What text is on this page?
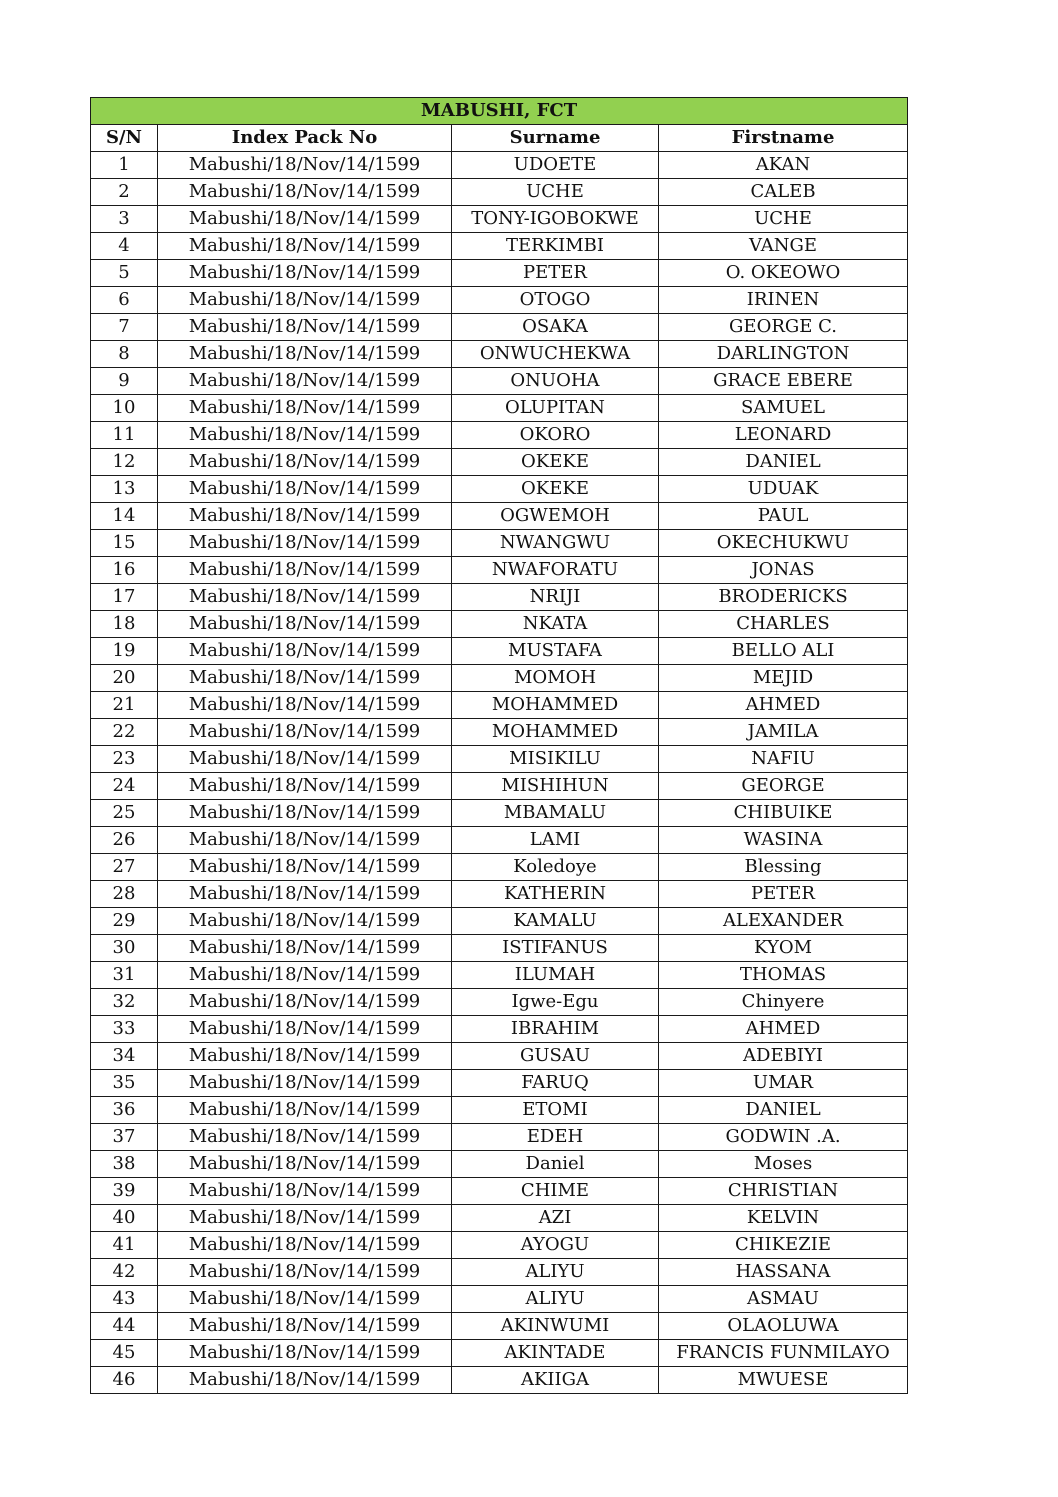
MABUSHI, FCT			
S/N	Index Pack No	Surname	Firstname
1	Mabushi/18/Nov/14/1599	UDOETE	AKAN
2	Mabushi/18/Nov/14/1599	UCHE	CALEB
3	Mabushi/18/Nov/14/1599	TONY-IGOBOKWE	UCHE
4	Mabushi/18/Nov/14/1599	TERKIMBI	VANGE
5	Mabushi/18/Nov/14/1599	PETER	O. OKEOWO
6	Mabushi/18/Nov/14/1599	OTOGO	IRINEN
7	Mabushi/18/Nov/14/1599	OSAKA	GEORGE C.
8	Mabushi/18/Nov/14/1599	ONWUCHEKWA	DARLINGTON
9	Mabushi/18/Nov/14/1599	ONUOHA	GRACE EBERE
10	Mabushi/18/Nov/14/1599	OLUPITAN	SAMUEL
11	Mabushi/18/Nov/14/1599	OKORO	LEONARD
12	Mabushi/18/Nov/14/1599	OKEKE	DANIEL
13	Mabushi/18/Nov/14/1599	OKEKE	UDUAK
14	Mabushi/18/Nov/14/1599	OGWEMOH	PAUL
15	Mabushi/18/Nov/14/1599	NWANGWU	OKECHUKWU
16	Mabushi/18/Nov/14/1599	NWAFORATU	JONAS
17	Mabushi/18/Nov/14/1599	NRIJI	BRODERICKS
18	Mabushi/18/Nov/14/1599	NKATA	CHARLES
19	Mabushi/18/Nov/14/1599	MUSTAFA	BELLO ALI
20	Mabushi/18/Nov/14/1599	MOMOH	MEJID
21	Mabushi/18/Nov/14/1599	MOHAMMED	AHMED
22	Mabushi/18/Nov/14/1599	MOHAMMED	JAMILA
23	Mabushi/18/Nov/14/1599	MISIKILU	NAFIU
24	Mabushi/18/Nov/14/1599	MISHIHUN	GEORGE
25	Mabushi/18/Nov/14/1599	MBAMALU	CHIBUIKE
26	Mabushi/18/Nov/14/1599	LAMI	WASINA
27	Mabushi/18/Nov/14/1599	Koledoye	Blessing
28	Mabushi/18/Nov/14/1599	KATHERIN	PETER
29	Mabushi/18/Nov/14/1599	KAMALU	ALEXANDER
30	Mabushi/18/Nov/14/1599	ISTIFANUS	KYOM
31	Mabushi/18/Nov/14/1599	ILUMAH	THOMAS
32	Mabushi/18/Nov/14/1599	Igwe-Egu	Chinyere
33	Mabushi/18/Nov/14/1599	IBRAHIM	AHMED
34	Mabushi/18/Nov/14/1599	GUSAU	ADEBIYI
35	Mabushi/18/Nov/14/1599	FARUQ	UMAR
36	Mabushi/18/Nov/14/1599	ETOMI	DANIEL
37	Mabushi/18/Nov/14/1599	EDEH	GODWIN .A.
38	Mabushi/18/Nov/14/1599	Daniel	Moses
39	Mabushi/18/Nov/14/1599	CHIME	CHRISTIAN
40	Mabushi/18/Nov/14/1599	AZI	KELVIN
41	Mabushi/18/Nov/14/1599	AYOGU	CHIKEZIE
42	Mabushi/18/Nov/14/1599	ALIYU	HASSANA
43	Mabushi/18/Nov/14/1599	ALIYU	ASMAU
44	Mabushi/18/Nov/14/1599	AKINWUMI	OLAOLUWA
45	Mabushi/18/Nov/14/1599	AKINTADE	FRANCIS FUNMILAYO
46	Mabushi/18/Nov/14/1599	AKIIGA	MWUESE
